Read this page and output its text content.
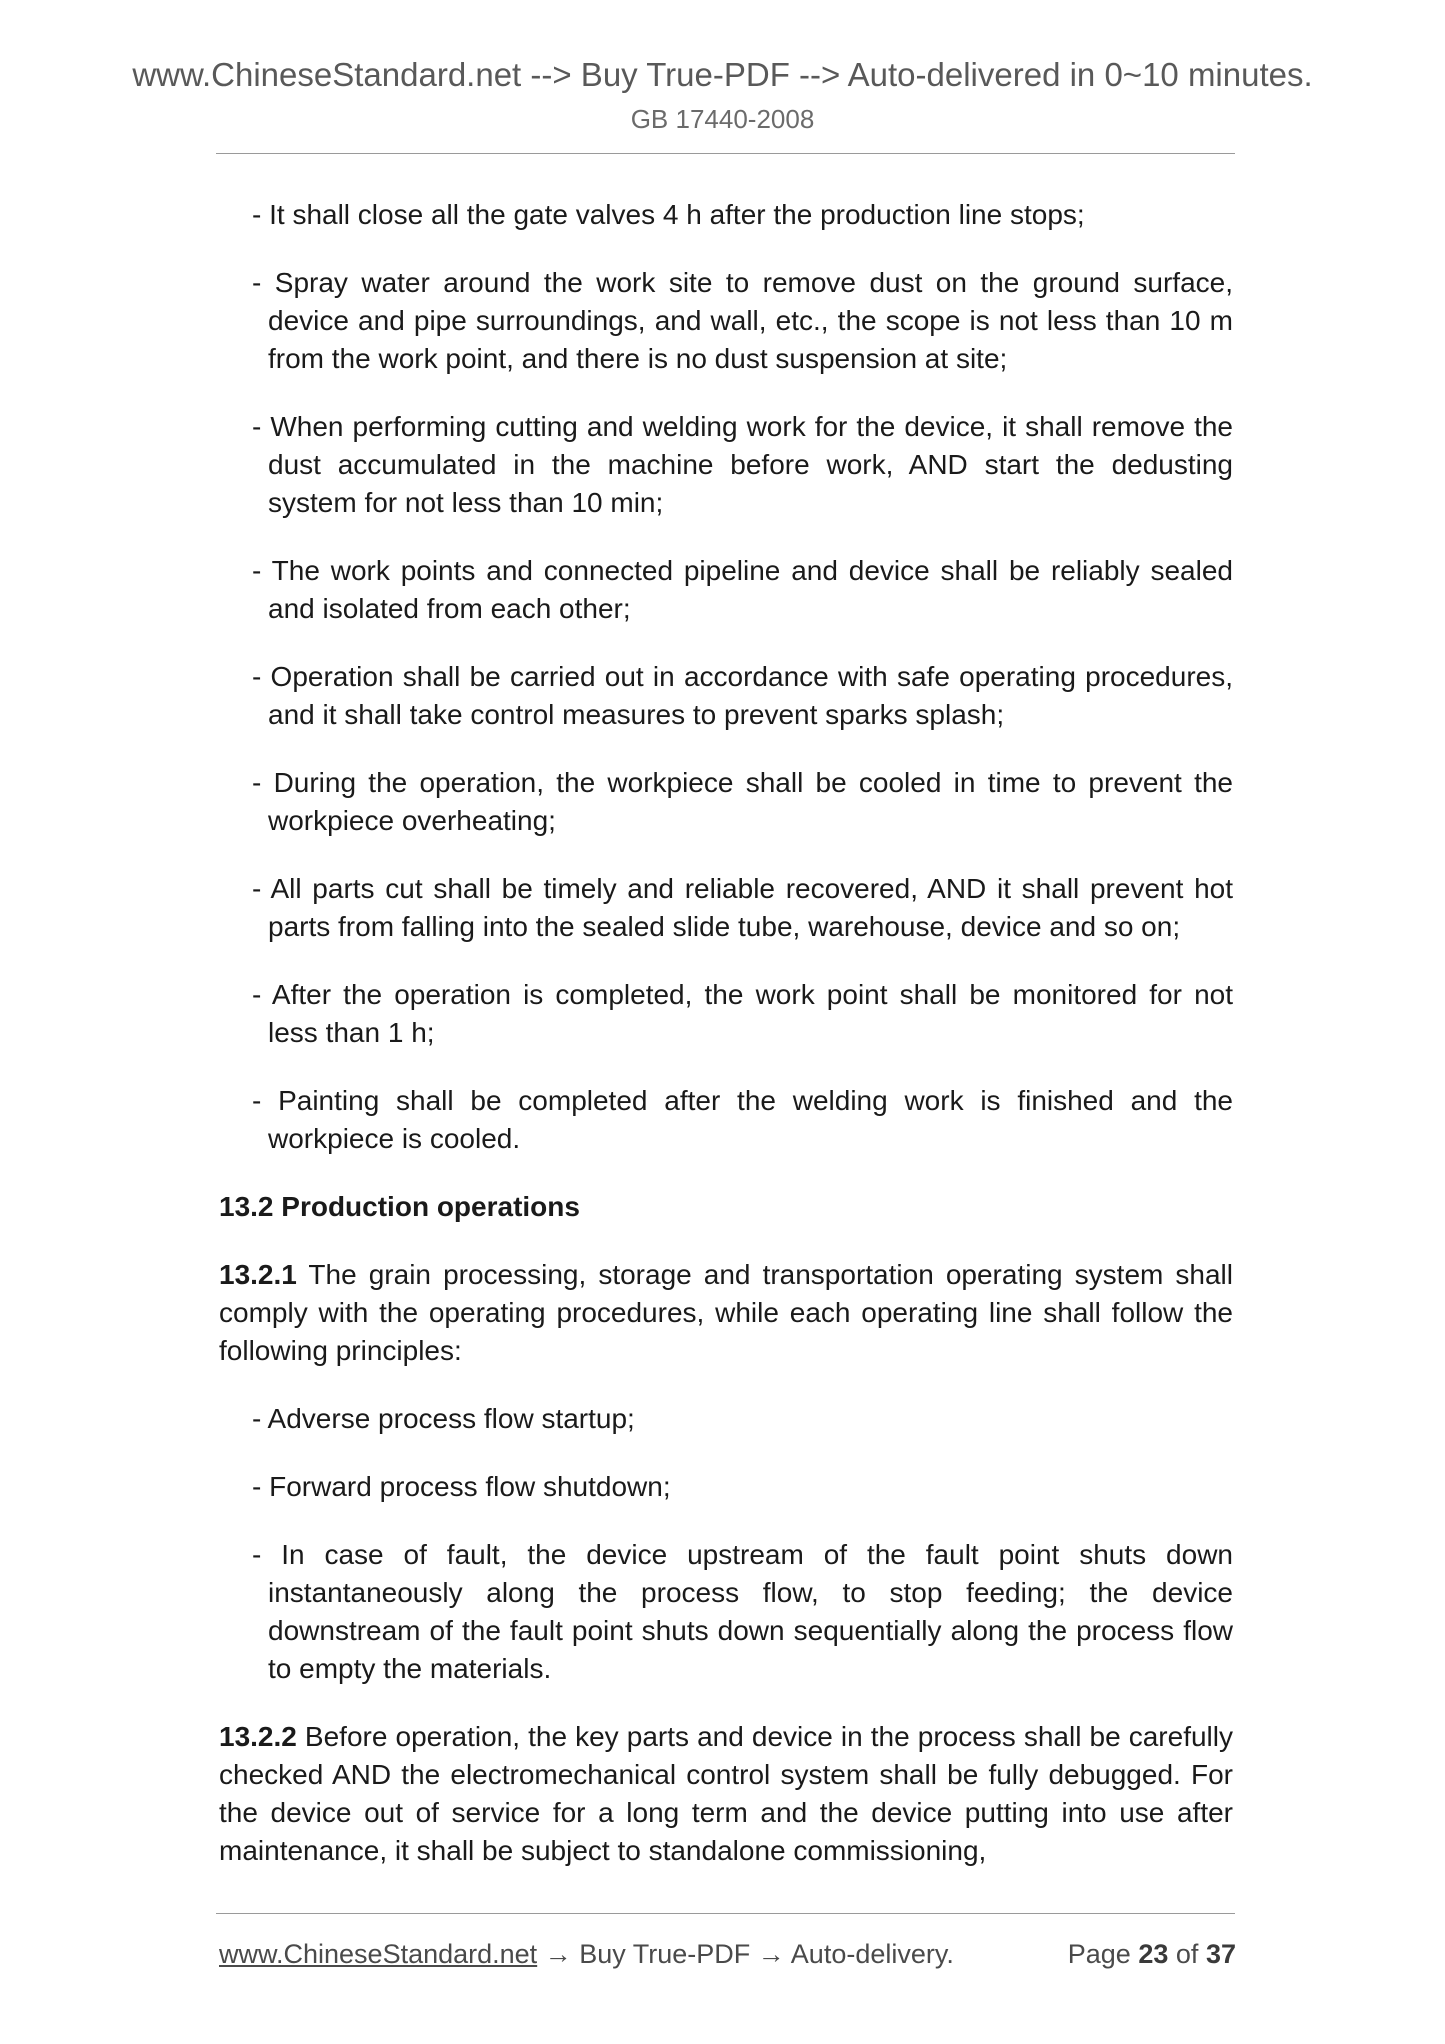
www.ChineseStandard.net --> Buy True-PDF --> Auto-delivered in 0~10 minutes.
GB 17440-2008
- It shall close all the gate valves 4 h after the production line stops;
- Spray water around the work site to remove dust on the ground surface, device and pipe surroundings, and wall, etc., the scope is not less than 10 m from the work point, and there is no dust suspension at site;
- When performing cutting and welding work for the device, it shall remove the dust accumulated in the machine before work, AND start the dedusting system for not less than 10 min;
- The work points and connected pipeline and device shall be reliably sealed and isolated from each other;
- Operation shall be carried out in accordance with safe operating procedures, and it shall take control measures to prevent sparks splash;
- During the operation, the workpiece shall be cooled in time to prevent the workpiece overheating;
- All parts cut shall be timely and reliable recovered, AND it shall prevent hot parts from falling into the sealed slide tube, warehouse, device and so on;
- After the operation is completed, the work point shall be monitored for not less than 1 h;
- Painting shall be completed after the welding work is finished and the workpiece is cooled.
13.2 Production operations
13.2.1 The grain processing, storage and transportation operating system shall comply with the operating procedures, while each operating line shall follow the following principles:
- Adverse process flow startup;
- Forward process flow shutdown;
- In case of fault, the device upstream of the fault point shuts down instantaneously along the process flow, to stop feeding; the device downstream of the fault point shuts down sequentially along the process flow to empty the materials.
13.2.2 Before operation, the key parts and device in the process shall be carefully checked AND the electromechanical control system shall be fully debugged. For the device out of service for a long term and the device putting into use after maintenance, it shall be subject to standalone commissioning,
www.ChineseStandard.net → Buy True-PDF → Auto-delivery.	Page 23 of 37
